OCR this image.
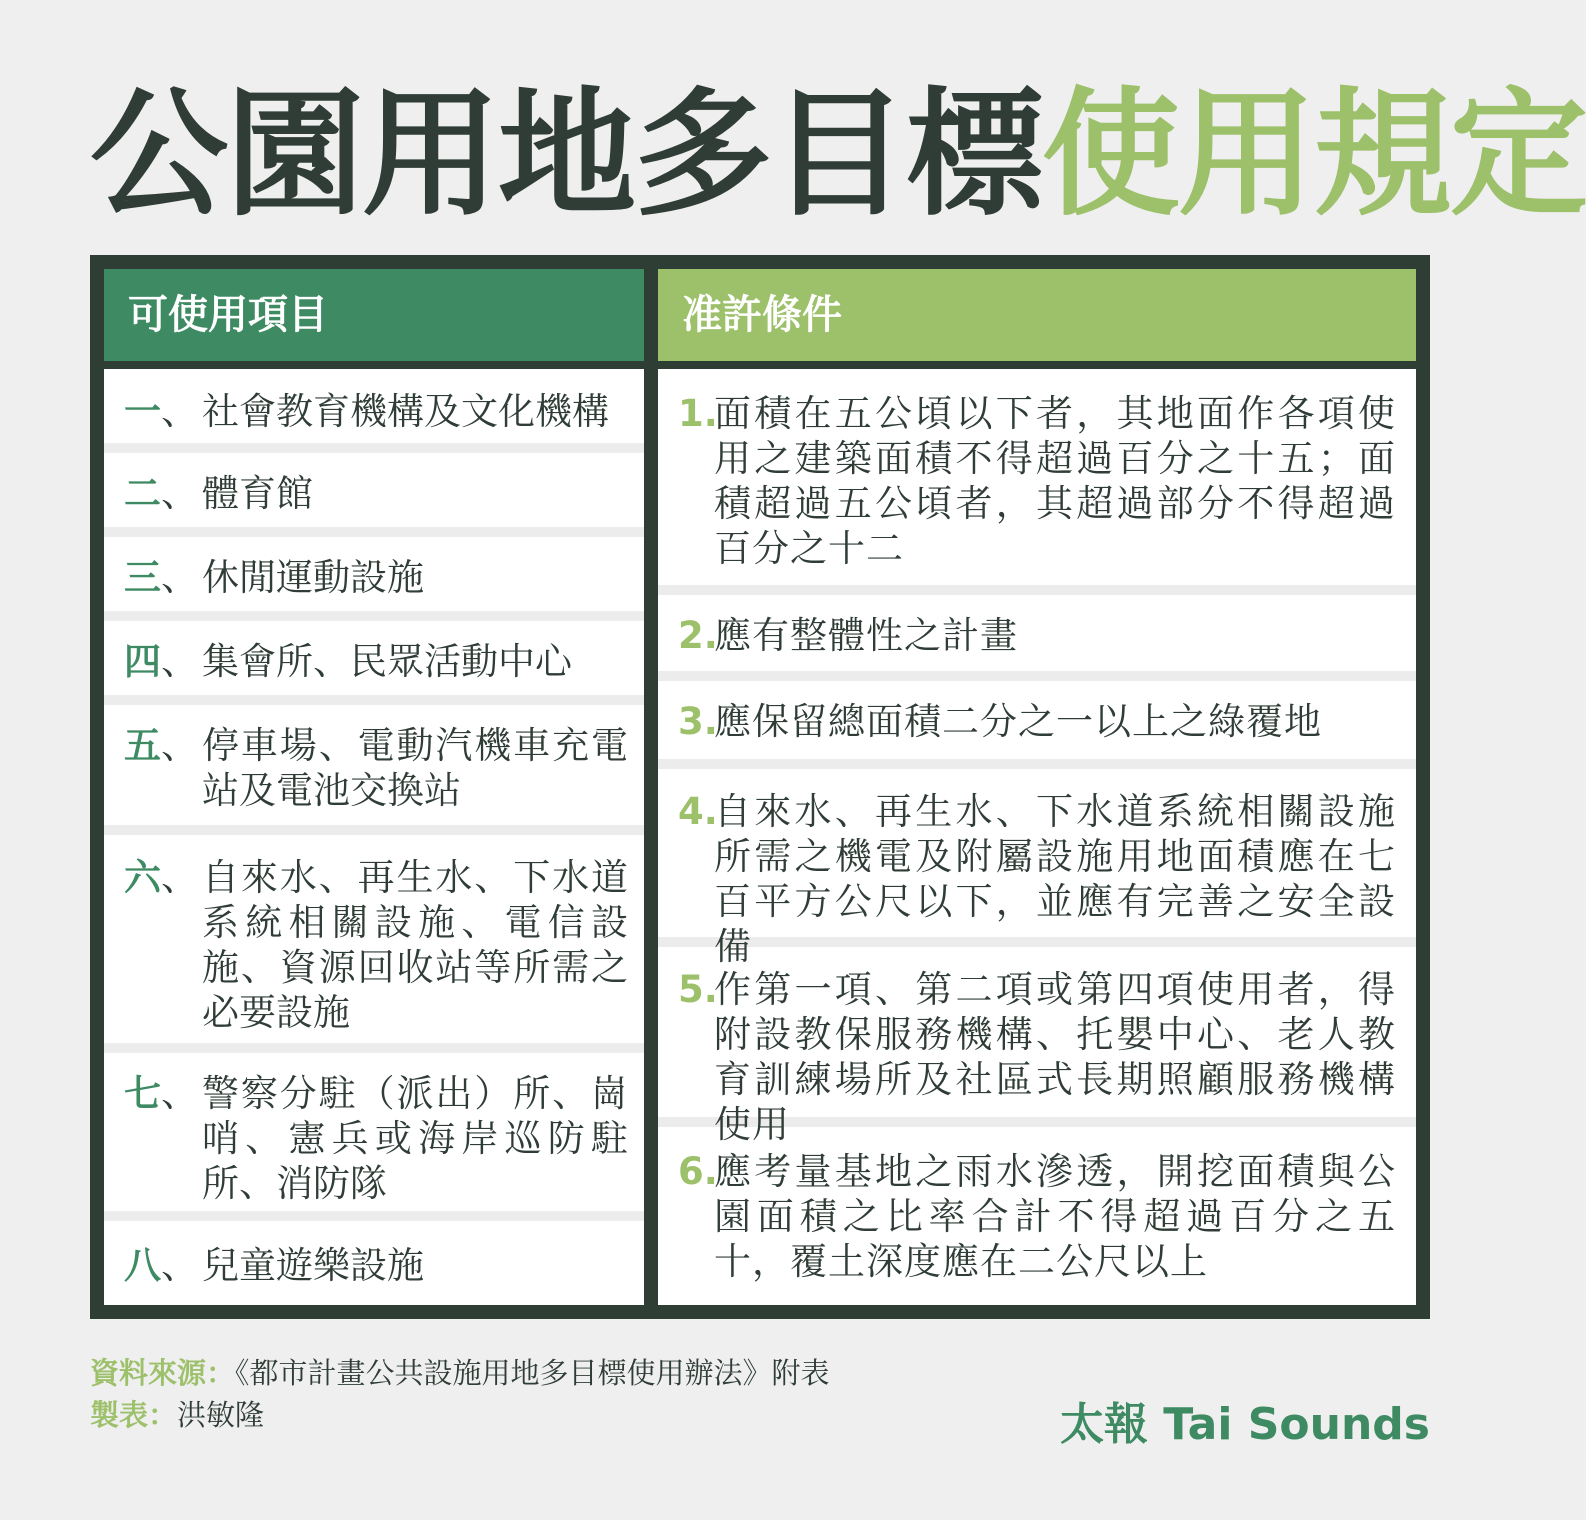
公園用地多目標使用規定
可使用項目
一、 社會教育機構及文化機構
二、 體育館
三、 休閒運動設施
四、 集會所、民眾活動中心
五、 停車場、電動汽機車充電站及電池交換站
六、 自來水、再生水、下水道系統相關設施、電信設施、資源回收站等所需之必要設施
七、 警察分駐（派出）所、崗哨、憲兵或海岸巡防駐所、消防隊
八、 兒童遊樂設施
准許條件
1.
面積在五公頃以下者，其地面作各項使用之建築面積不得超過百分之十五；面積超過五公頃者，其超過部分不得超過百分之十二
2.
應有整體性之計畫
3.
應保留總面積二分之一以上之綠覆地
4.
自來水、再生水、下水道系統相關設施所需之機電及附屬設施用地面積應在七百平方公尺以下，並應有完善之安全設備
5.
作第一項、第二項或第四項使用者，得附設教保服務機構、托嬰中心、老人教育訓練場所及社區式長期照顧服務機構使用
6.
應考量基地之雨水滲透，開挖面積與公園面積之比率合計不得超過百分之五十，覆土深度應在二公尺以上
資料來源：《都市計畫公共設施用地多目標使用辦法》附表
製表：洪敏隆	太報 Tai Sounds
